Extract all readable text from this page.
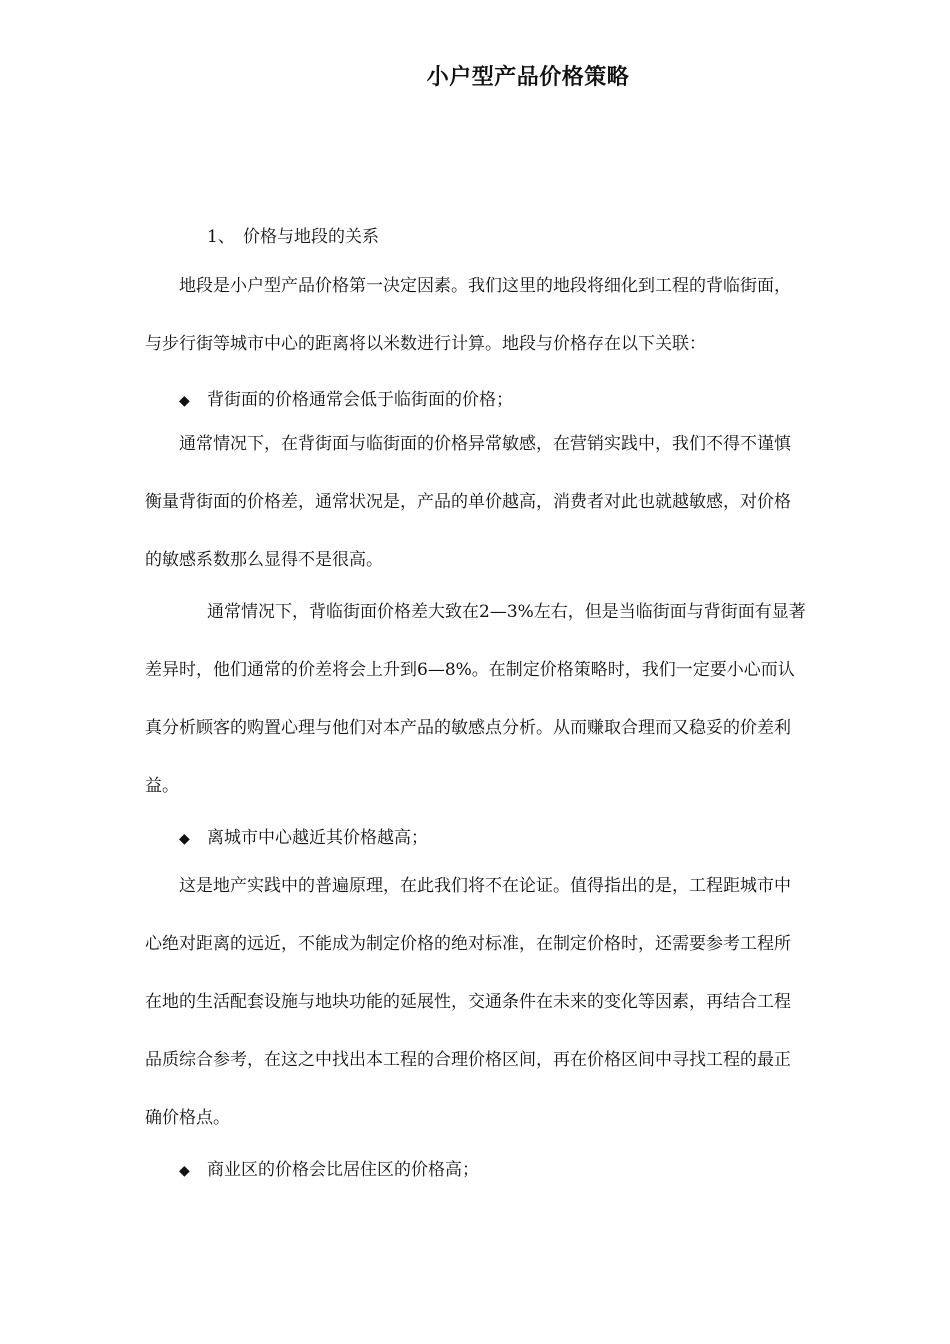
小户型产品价格策略
1、 价格与地段的关系
地段是小户型产品价格第一决定因素。我们这里的地段将细化到工程的背临街面，
与步行街等城市中心的距离将以米数进行计算。地段与价格存在以下关联：
◆ 背街面的价格通常会低于临街面的价格；
通常情况下，在背街面与临街面的价格异常敏感，在营销实践中，我们不得不谨慎
衡量背街面的价格差，通常状况是，产品的单价越高，消费者对此也就越敏感，对价格
的敏感系数那么显得不是很高。
通常情况下，背临街面价格差大致在2—3%左右，但是当临街面与背街面有显著
差异时，他们通常的价差将会上升到6—8%。在制定价格策略时，我们一定要小心而认
真分析顾客的购置心理与他们对本产品的敏感点分析。从而赚取合理而又稳妥的价差利
益。
◆ 离城市中心越近其价格越高；
这是地产实践中的普遍原理，在此我们将不在论证。值得指出的是，工程距城市中
心绝对距离的远近，不能成为制定价格的绝对标准，在制定价格时，还需要参考工程所
在地的生活配套设施与地块功能的延展性，交通条件在未来的变化等因素，再结合工程
品质综合参考，在这之中找出本工程的合理价格区间，再在价格区间中寻找工程的最正
确价格点。
◆ 商业区的价格会比居住区的价格高；
